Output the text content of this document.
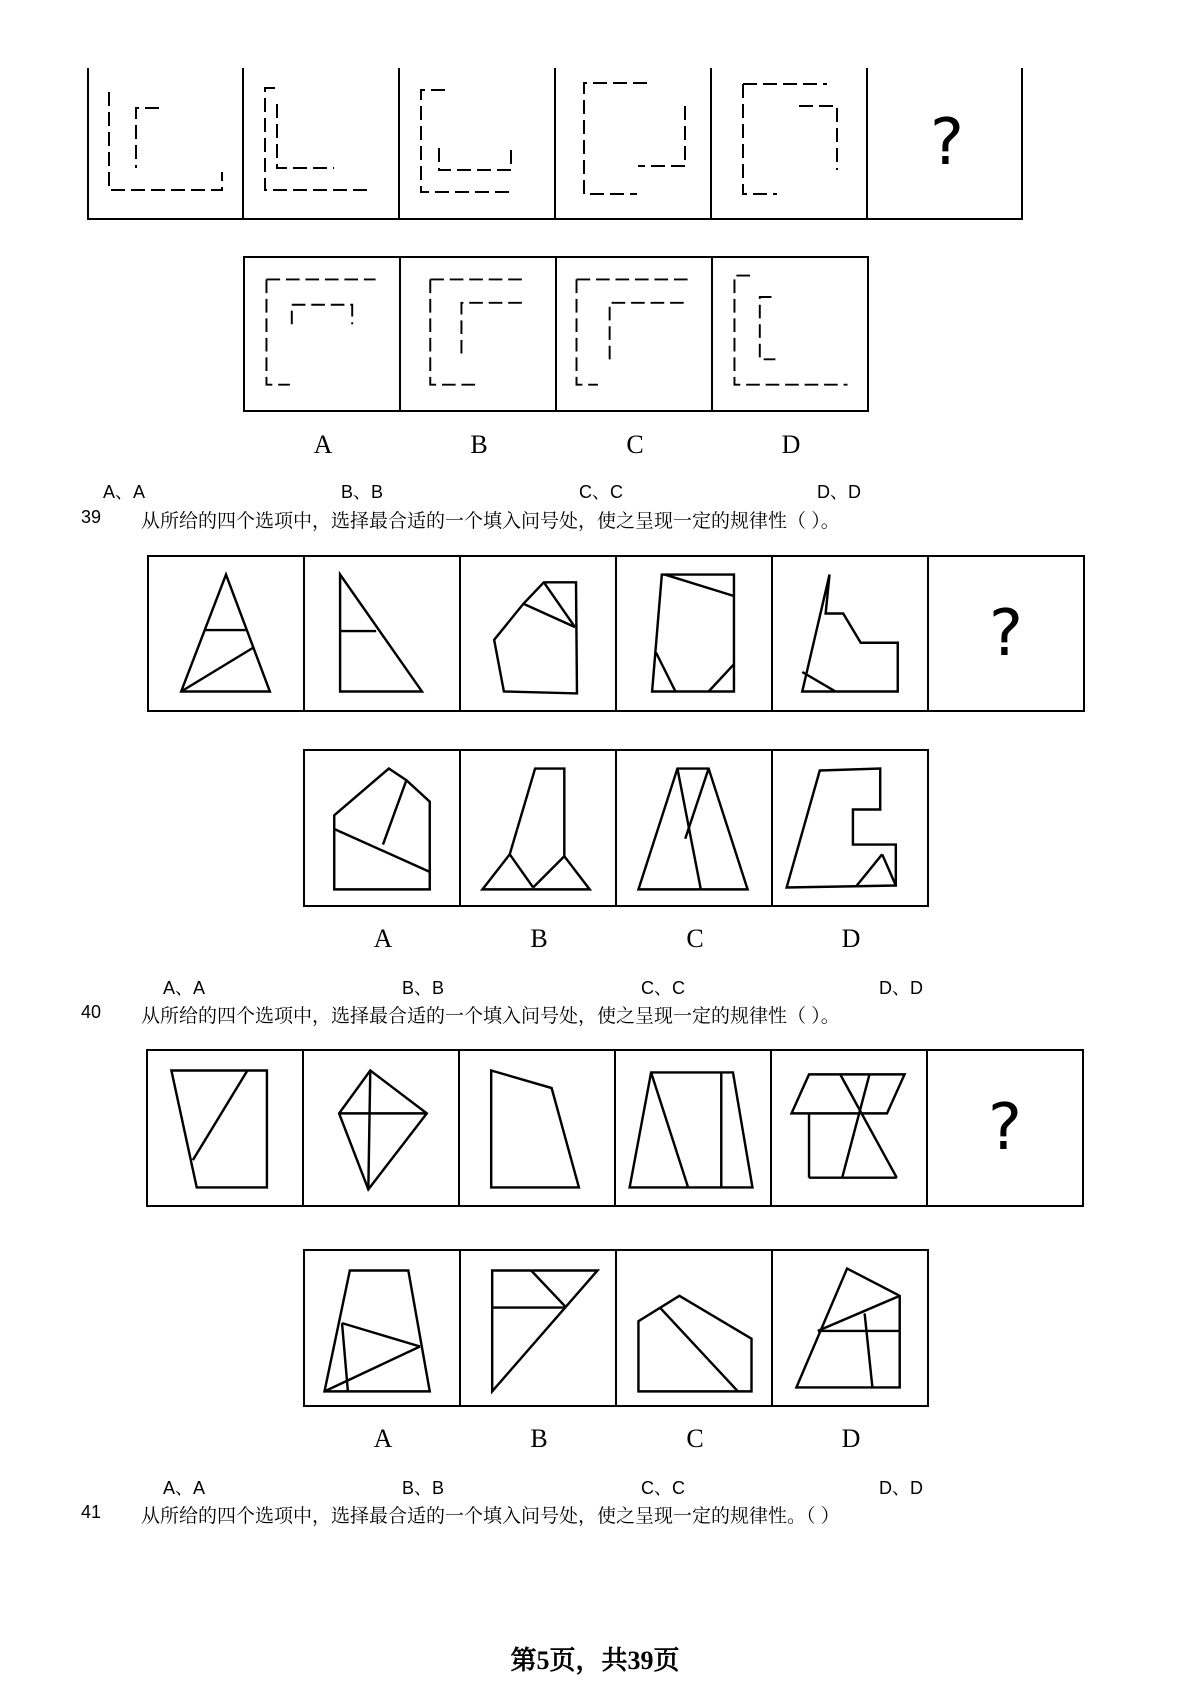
?
A	B	C	D
A、A	B、B	C、C	D、D
39 从所给的四个选项中，选择最合适的一个填入问号处，使之呈现一定的规律性（ ）。
?
A	B	C	D
A、A	B、B	C、C	D、D
40 从所给的四个选项中，选择最合适的一个填入问号处，使之呈现一定的规律性（ ）。
?
A	B	C	D
A、A	B、B	C、C	D、D
41 从所给的四个选项中，选择最合适的一个填入问号处，使之呈现一定的规律性。（ ）
第5页，共39页
